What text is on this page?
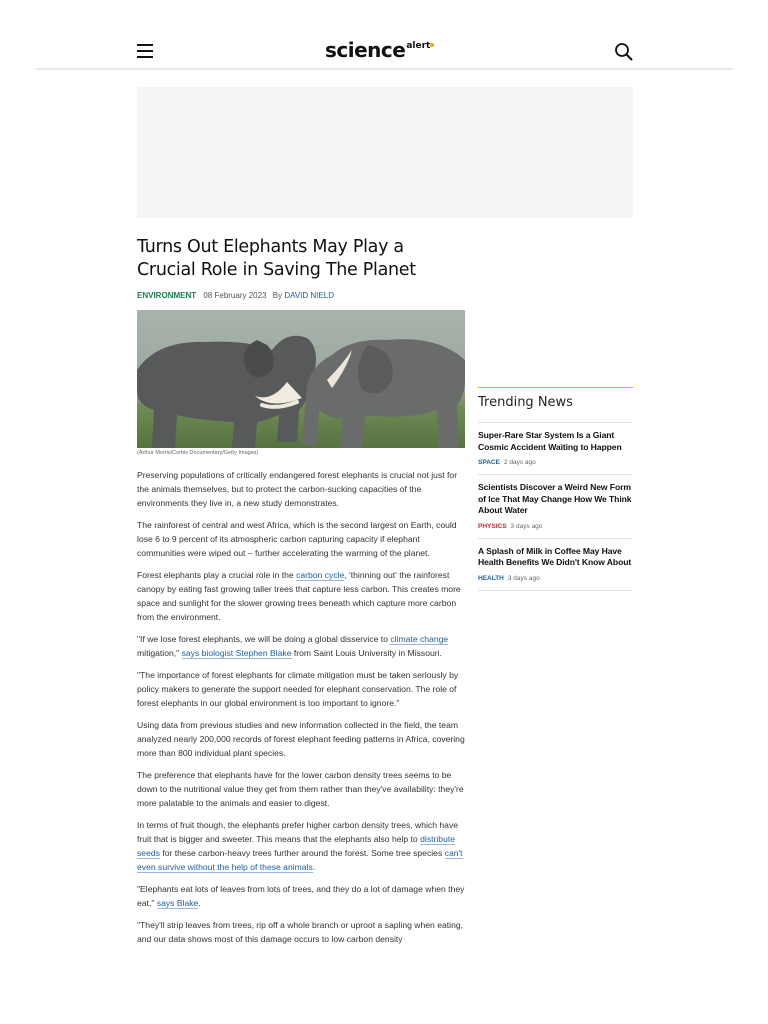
science$^{alert}$
Turns Out Elephants May Play a Crucial Role in Saving The Planet
ENVIRONMENT 08 February 2023 By DAVID NIELD
(Arthur Morris/Corbis Documentary/Getty Images)

Preserving populations of critically endangered forest elephants is crucial not just for the animals themselves, but to protect the carbon-sucking capacities of the environments they live in, a new study demonstrates.

The rainforest of central and west Africa, which is the second largest on Earth, could lose 6 to 9 percent of its atmospheric carbon capturing capacity if elephant communities were wiped out – further accelerating the warming of the planet.

Forest elephants play a crucial role in the carbon cycle, 'thinning out' the rainforest canopy by eating fast growing taller trees that capture less carbon. This creates more space and sunlight for the slower growing trees beneath which capture more carbon from the environment.

"If we lose forest elephants, we will be doing a global disservice to climate change mitigation," says biologist Stephen Blake from Saint Louis University in Missouri.

"The importance of forest elephants for climate mitigation must be taken seriously by policy makers to generate the support needed for elephant conservation. The role of forest elephants in our global environment is too important to ignore."

Using data from previous studies and new information collected in the field, the team analyzed nearly 200,000 records of forest elephant feeding patterns in Africa, covering more than 800 individual plant species.

The preference that elephants have for the lower carbon density trees seems to be down to the nutritional value they get from them rather than they've availability: they're more palatable to the animals and easier to digest.

In terms of fruit though, the elephants prefer higher carbon density trees, which have fruit that is bigger and sweeter. This means that the elephants also help to distribute seeds for these carbon-heavy trees further around the forest. Some tree species can't even survive without the help of these animals.

"Elephants eat lots of leaves from lots of trees, and they do a lot of damage when they eat," says Blake.

"They'll strip leaves from trees, rip off a whole branch or uproot a sapling when eating, and our data shows most of this damage occurs to low carbon density

Trending News
Super-Rare Star System Is a Giant Cosmic Accident Waiting to Happen
SPACE 2 days ago
Scientists Discover a Weird New Form of Ice That May Change How We Think About Water
PHYSICS 3 days ago
A Splash of Milk in Coffee May Have Health Benefits We Didn't Know About
HEALTH 3 days ago
